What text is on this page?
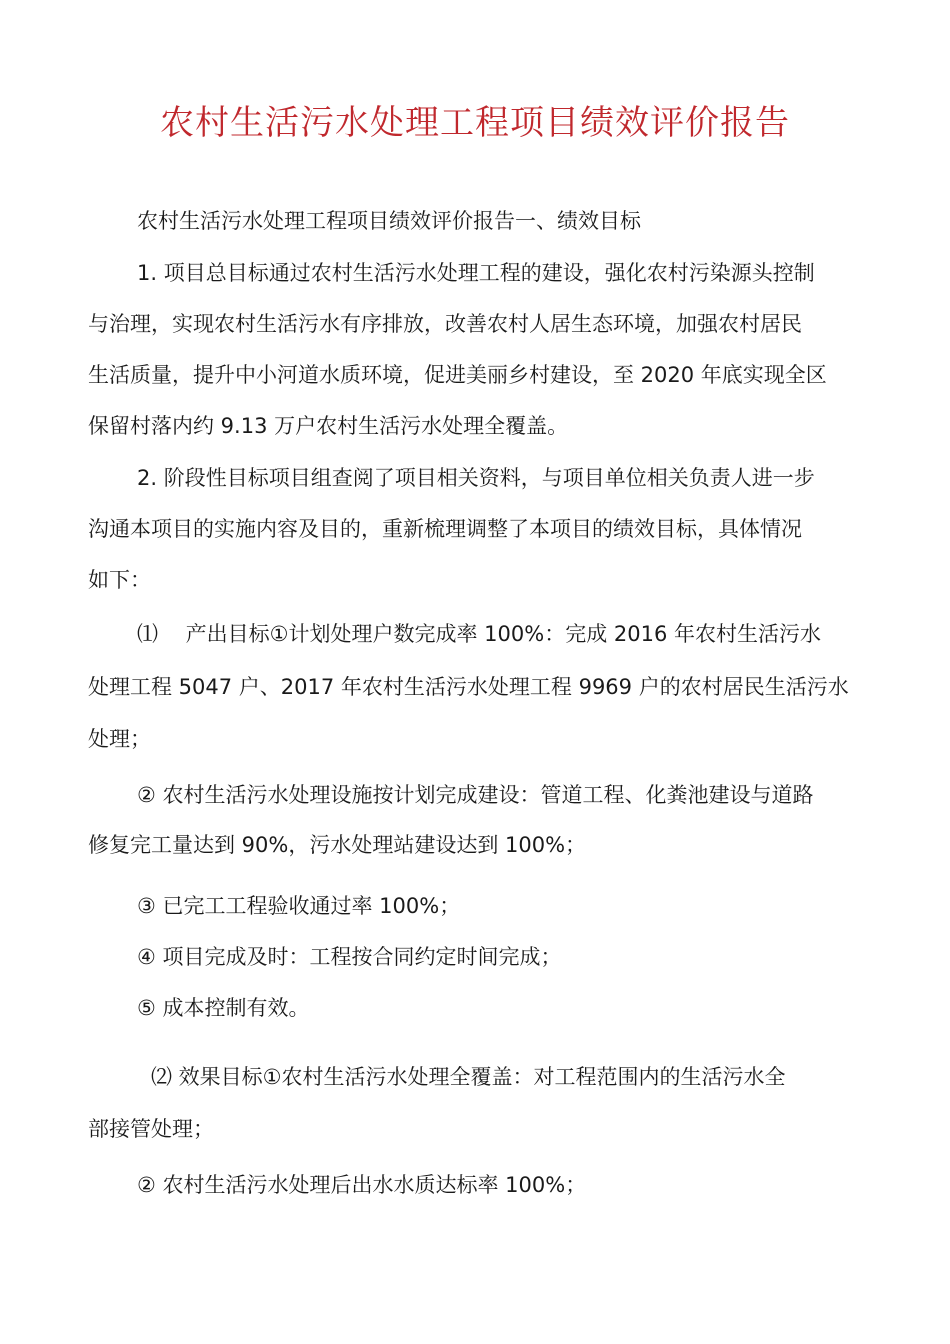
农村生活污水处理工程项目绩效评价报告
农村生活污水处理工程项目绩效评价报告一、绩效目标
1. 项目总目标通过农村生活污水处理工程的建设，强化农村污染源头控制
与治理，实现农村生活污水有序排放，改善农村人居生态环境，加强农村居民
生活质量，提升中小河道水质环境，促进美丽乡村建设，至 2020 年底实现全区
保留村落内约 9.13 万户农村生活污水处理全覆盖。
2. 阶段性目标项目组查阅了项目相关资料，与项目单位相关负责人进一步
沟通本项目的实施内容及目的，重新梳理调整了本项目的绩效目标，具体情况
如下：
⑴　 产出目标①计划处理户数完成率 100%：完成 2016 年农村生活污水
处理工程 5047 户、2017 年农村生活污水处理工程 9969 户的农村居民生活污水
处理；
② 农村生活污水处理设施按计划完成建设：管道工程、化粪池建设与道路
修复完工量达到 90%，污水处理站建设达到 100%；
③ 已完工工程验收通过率 100%；
④ 项目完成及时：工程按合同约定时间完成；
⑤ 成本控制有效。
⑵ 效果目标①农村生活污水处理全覆盖：对工程范围内的生活污水全
部接管处理；
② 农村生活污水处理后出水水质达标率 100%；
